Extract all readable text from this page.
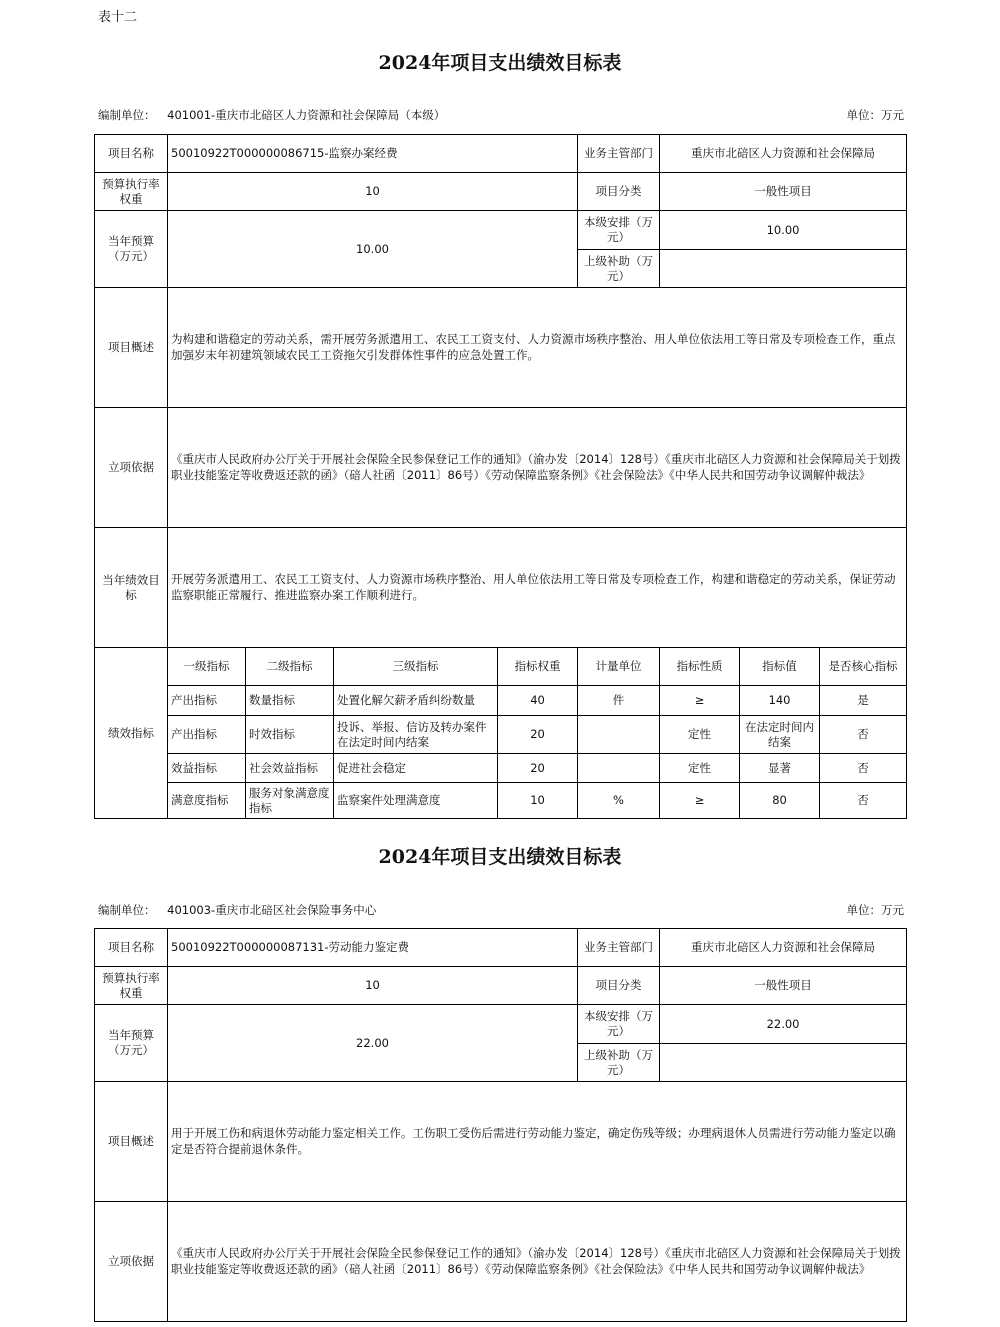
表十二
2024年项目支出绩效目标表
编制单位： 401001-重庆市北碚区人力资源和社会保障局（本级）	单位：万元
项目名称	50010922T000000086715-监察办案经费				业务主管部门	重庆市北碚区人力资源和社会保障局		
预算执行率权重	10				项目分类	一般性项目		
当年预算（万元）	10.00				本级安排（万元）	10.00		
					上级补助（万元）			
项目概述	为构建和谐稳定的劳动关系，需开展劳务派遣用工、农民工工资支付、人力资源市场秩序整治、用人单位依法用工等日常及专项检查工作，重点加强岁末年初建筑领域农民工工资拖欠引发群体性事件的应急处置工作。							
立项依据	《重庆市人民政府办公厅关于开展社会保险全民参保登记工作的通知》（渝办发〔2014〕128号）《重庆市北碚区人力资源和社会保障局关于划拨职业技能鉴定等收费返还款的函》（碚人社函〔2011〕86号）《劳动保障监察条例》《社会保险法》《中华人民共和国劳动争议调解仲裁法》							
当年绩效目标	开展劳务派遣用工、农民工工资支付、人力资源市场秩序整治、用人单位依法用工等日常及专项检查工作，构建和谐稳定的劳动关系，保证劳动监察职能正常履行、推进监察办案工作顺利进行。							
绩效指标	一级指标	二级指标	三级指标	指标权重	计量单位	指标性质	指标值	是否核心指标
	产出指标	数量指标	处置化解欠薪矛盾纠纷数量	40	件	≥	140	是
	产出指标	时效指标	投诉、举报、信访及转办案件在法定时间内结案	20		定性	在法定时间内结案	否
	效益指标	社会效益指标	促进社会稳定	20		定性	显著	否
	满意度指标	服务对象满意度指标	监察案件处理满意度	10	%	≥	80	否
2024年项目支出绩效目标表
编制单位： 401003-重庆市北碚区社会保险事务中心	单位：万元
项目名称	50010922T000000087131-劳动能力鉴定费	业务主管部门	重庆市北碚区人力资源和社会保障局
预算执行率权重	10	项目分类	一般性项目
当年预算（万元）	22.00	本级安排（万元）	22.00
		上级补助（万元）	
项目概述	用于开展工伤和病退休劳动能力鉴定相关工作。工伤职工受伤后需进行劳动能力鉴定，确定伤残等级；办理病退休人员需进行劳动能力鉴定以确定是否符合提前退休条件。		
立项依据	《重庆市人民政府办公厅关于开展社会保险全民参保登记工作的通知》（渝办发〔2014〕128号）《重庆市北碚区人力资源和社会保障局关于划拨职业技能鉴定等收费返还款的函》（碚人社函〔2011〕86号）《劳动保障监察条例》《社会保险法》《中华人民共和国劳动争议调解仲裁法》		
